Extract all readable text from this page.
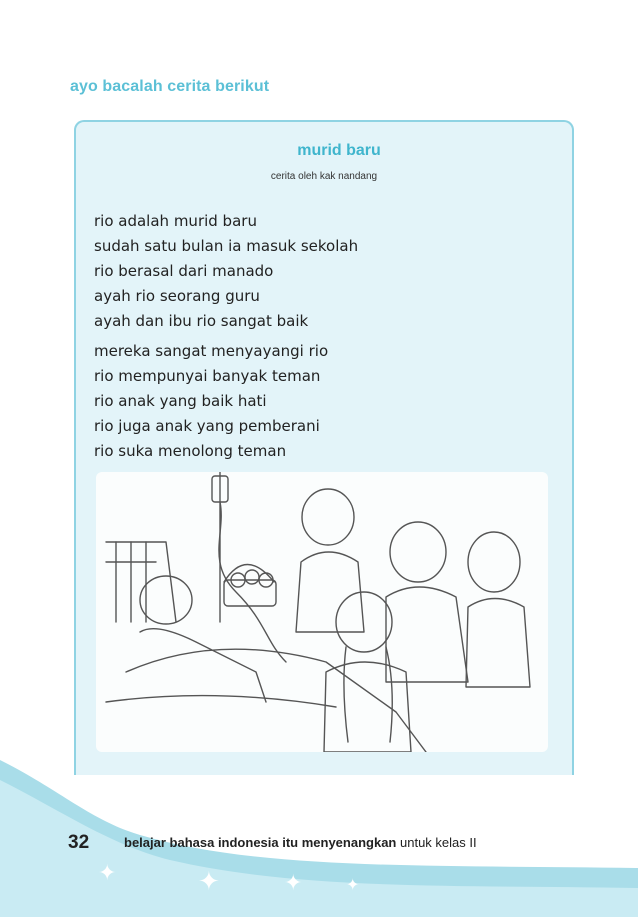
ayo bacalah cerita berikut
murid baru
cerita oleh kak nandang
rio adalah murid baru
sudah satu bulan ia masuk sekolah
rio berasal dari manado
ayah rio seorang guru
ayah dan ibu rio sangat baik
mereka sangat menyayangi rio
rio mempunyai banyak teman
rio anak yang baik hati
rio juga anak yang pemberani
rio suka menolong teman
✦	✦	✦	✦
32	belajar bahasa indonesia itu menyenangkan untuk kelas II
